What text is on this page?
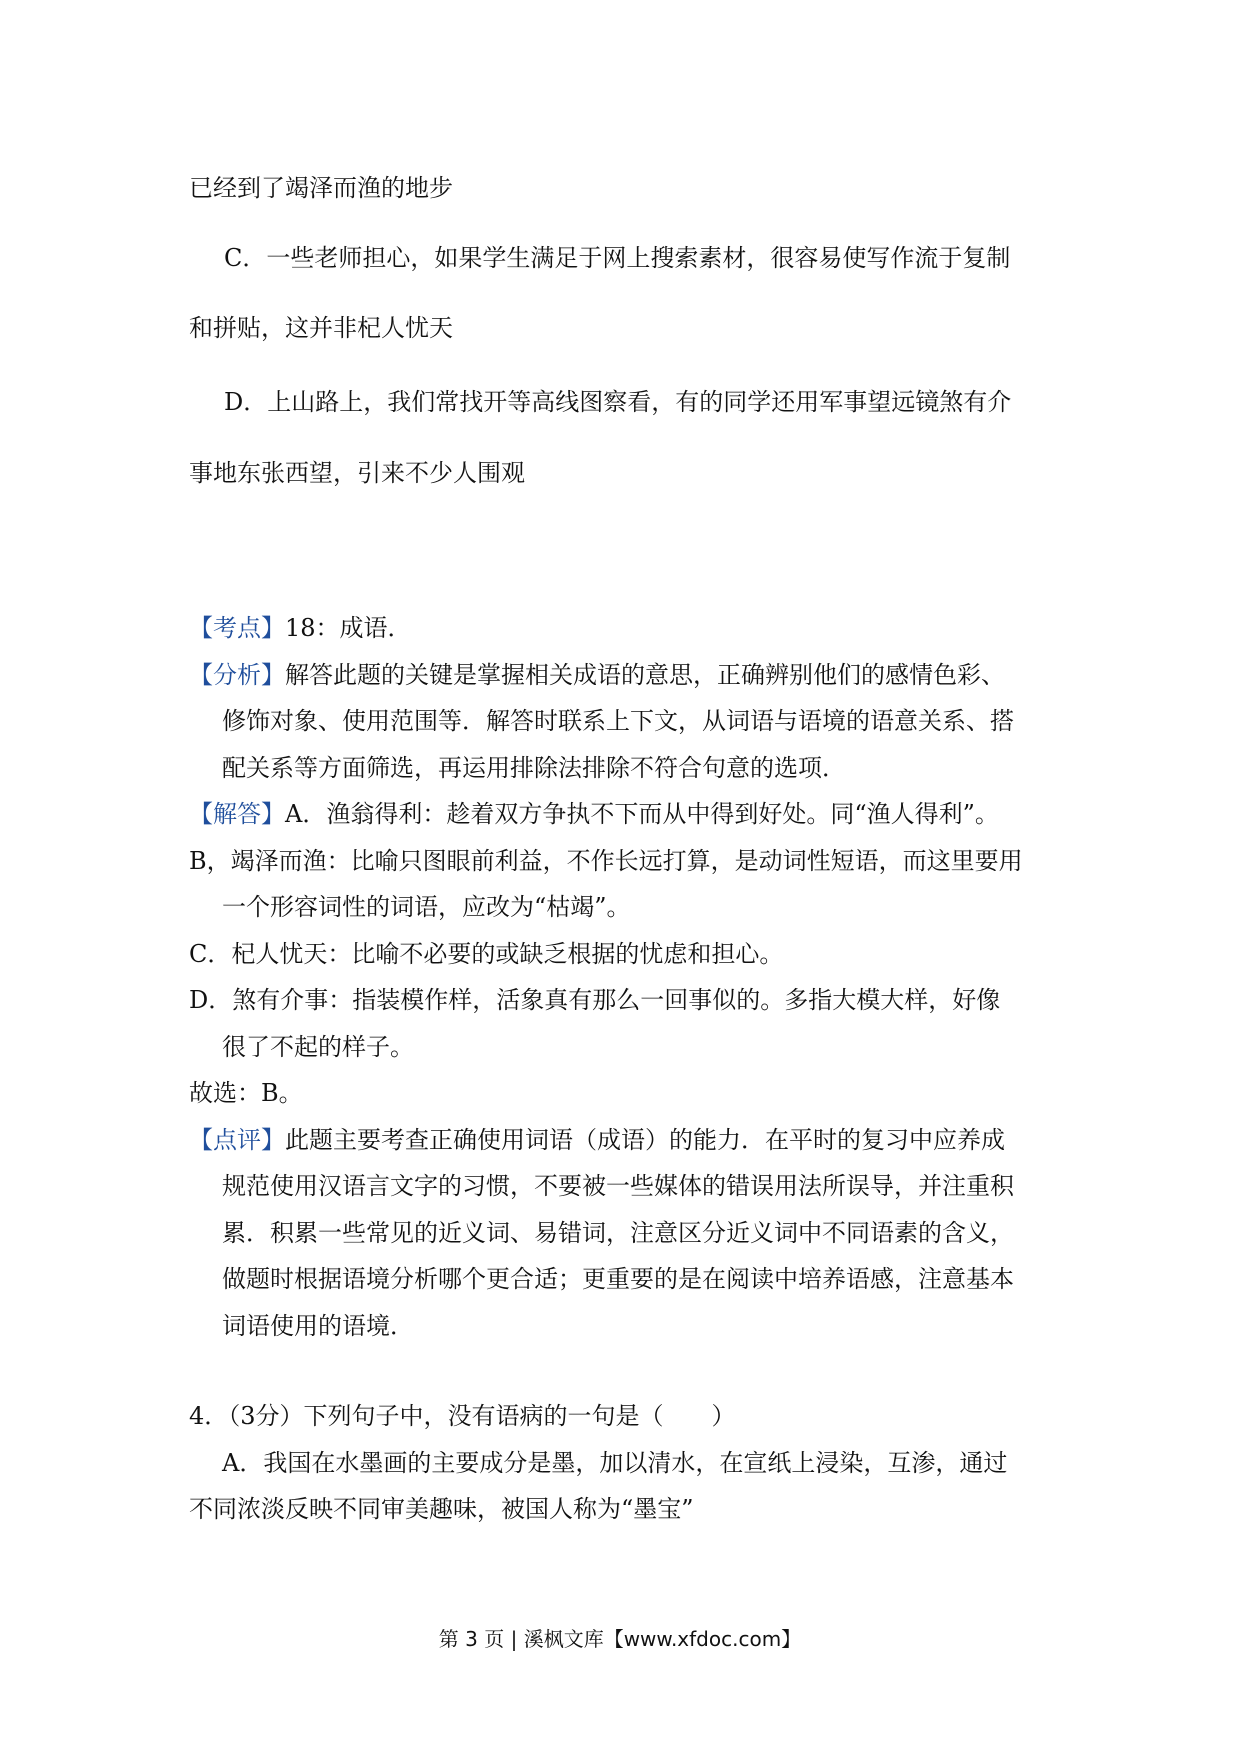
已经到了竭泽而渔的地步
C．一些老师担心，如果学生满足于网上搜索素材，很容易使写作流于复制
和拼贴，这并非杞人忧天
D．上山路上，我们常找开等高线图察看，有的同学还用军事望远镜煞有介
事地东张西望，引来不少人围观
【考点】18：成语．
【分析】解答此题的关键是掌握相关成语的意思，正确辨别他们的感情色彩、
修饰对象、使用范围等．解答时联系上下文，从词语与语境的语意关系、搭
配关系等方面筛选，再运用排除法排除不符合句意的选项．
【解答】A．渔翁得利：趁着双方争执不下而从中得到好处。同“渔人得利”。
B，竭泽而渔：比喻只图眼前利益，不作长远打算，是动词性短语，而这里要用
一个形容词性的词语，应改为“枯竭”。
C．杞人忧天：比喻不必要的或缺乏根据的忧虑和担心。
D．煞有介事：指装模作样，活象真有那么一回事似的。多指大模大样，好像
很了不起的样子。
故选：B。
【点评】此题主要考查正确使用词语（成语）的能力．在平时的复习中应养成
规范使用汉语言文字的习惯，不要被一些媒体的错误用法所误导，并注重积
累．积累一些常见的近义词、易错词，注意区分近义词中不同语素的含义，
做题时根据语境分析哪个更合适；更重要的是在阅读中培养语感，注意基本
词语使用的语境．
4．（3分）下列句子中，没有语病的一句是（　　）
A．我国在水墨画的主要成分是墨，加以清水，在宣纸上浸染，互渗，通过
不同浓淡反映不同审美趣味，被国人称为“墨宝”
第 3 页 | 溪枫文库【www.xfdoc.com】
